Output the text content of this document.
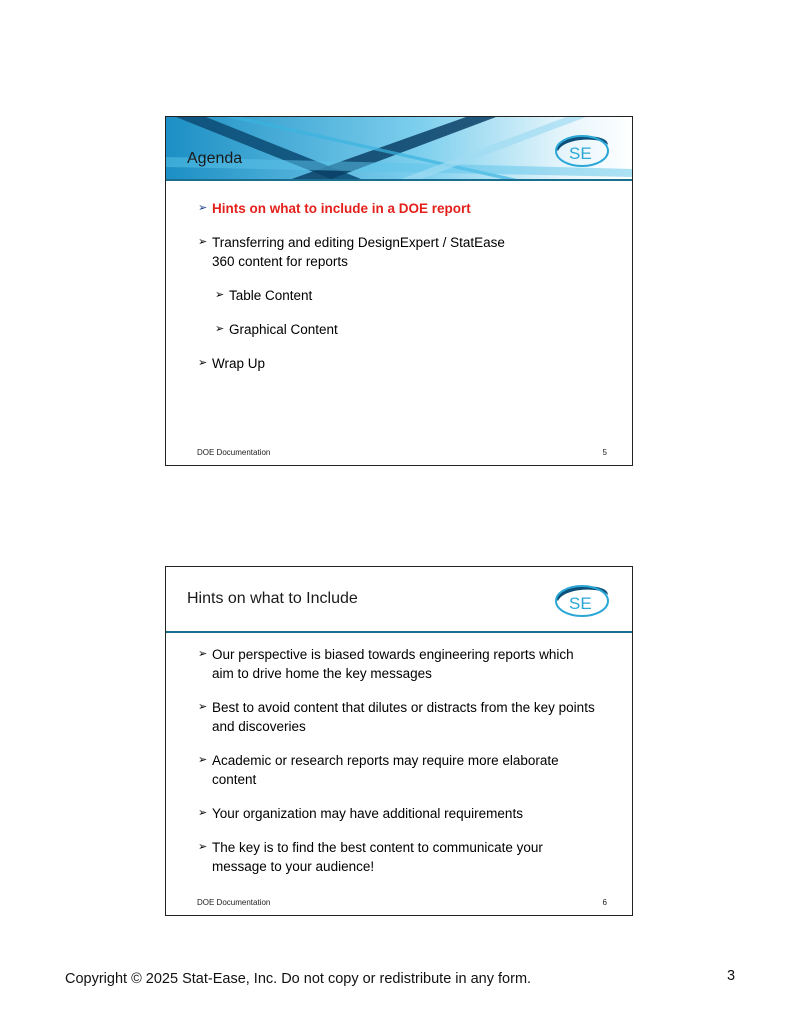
Agenda	SE
➢ Hints on what to include in a DOE report
➢ Transferring and editing DesignExpert / StatEase 360 content for reports
➢ Table Content
➢ Graphical Content
➢ Wrap Up
DOE Documentation	5
Hints on what to Include	SE
➢ Our perspective is biased towards engineering reports which aim to drive home the key messages
➢ Best to avoid content that dilutes or distracts from the key points and discoveries
➢ Academic or research reports may require more elaborate content
➢ Your organization may have additional requirements
➢ The key is to find the best content to communicate your message to your audience!
DOE Documentation	6
Copyright © 2025 Stat-Ease, Inc. Do not copy or redistribute in any form.	3
